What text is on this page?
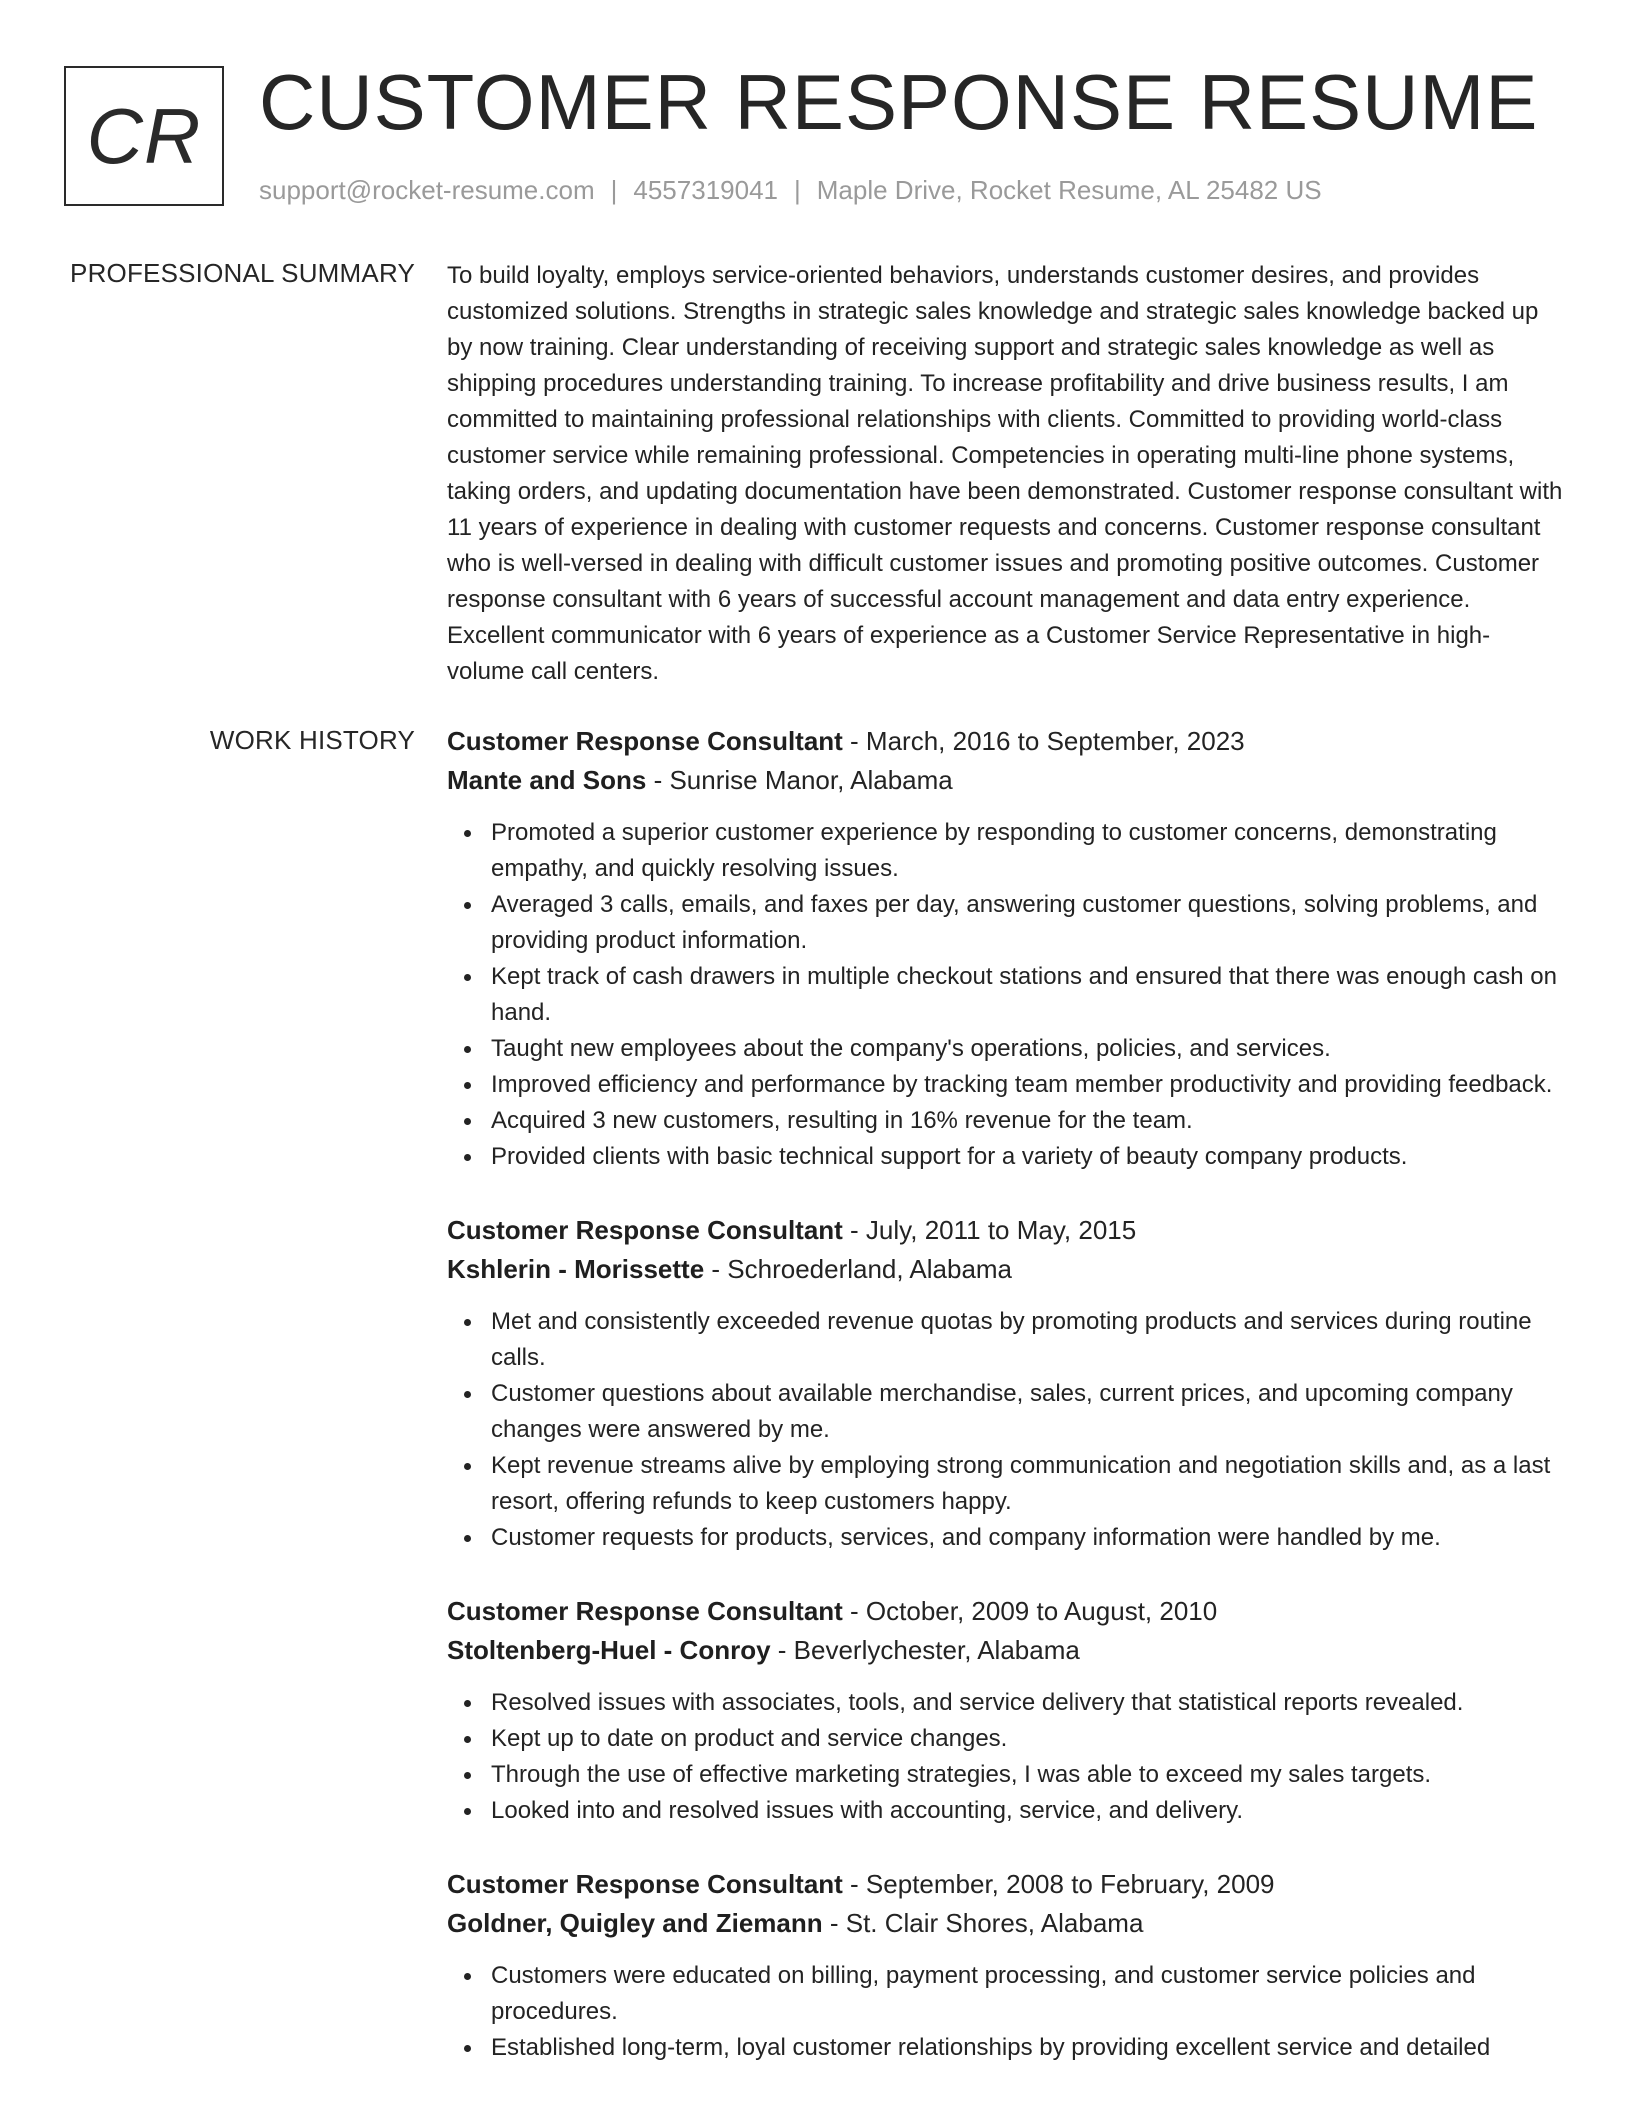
CR CUSTOMER RESPONSE RESUME
support@rocket-resume.com | 4557319041 | Maple Drive, Rocket Resume, AL 25482 US
PROFESSIONAL SUMMARY To build loyalty, employs service-oriented behaviors, understands customer desires, and provides customized solutions. Strengths in strategic sales knowledge and strategic sales knowledge backed up by now training. Clear understanding of receiving support and strategic sales knowledge as well as shipping procedures understanding training. To increase profitability and drive business results, I am committed to maintaining professional relationships with clients. Committed to providing world-class customer service while remaining professional. Competencies in operating multi-line phone systems, taking orders, and updating documentation have been demonstrated. Customer response consultant with 11 years of experience in dealing with customer requests and concerns. Customer response consultant who is well-versed in dealing with difficult customer issues and promoting positive outcomes. Customer response consultant with 6 years of successful account management and data entry experience. Excellent communicator with 6 years of experience as a Customer Service Representative in high-volume call centers.

WORK HISTORY Customer Response Consultant - March, 2016 to September, 2023
Mante and Sons - Sunrise Manor, Alabama
Promoted a superior customer experience by responding to customer concerns, demonstrating empathy, and quickly resolving issues.
Averaged 3 calls, emails, and faxes per day, answering customer questions, solving problems, and providing product information.
Kept track of cash drawers in multiple checkout stations and ensured that there was enough cash on hand.
Taught new employees about the company's operations, policies, and services.
Improved efficiency and performance by tracking team member productivity and providing feedback.
Acquired 3 new customers, resulting in 16% revenue for the team.
Provided clients with basic technical support for a variety of beauty company products.
Customer Response Consultant - July, 2011 to May, 2015
Kshlerin - Morissette - Schroederland, Alabama
Met and consistently exceeded revenue quotas by promoting products and services during routine calls.
Customer questions about available merchandise, sales, current prices, and upcoming company changes were answered by me.
Kept revenue streams alive by employing strong communication and negotiation skills and, as a last resort, offering refunds to keep customers happy.
Customer requests for products, services, and company information were handled by me.
Customer Response Consultant - October, 2009 to August, 2010
Stoltenberg-Huel - Conroy - Beverlychester, Alabama
Resolved issues with associates, tools, and service delivery that statistical reports revealed.
Kept up to date on product and service changes.
Through the use of effective marketing strategies, I was able to exceed my sales targets.
Looked into and resolved issues with accounting, service, and delivery.
Customer Response Consultant - September, 2008 to February, 2009
Goldner, Quigley and Ziemann - St. Clair Shores, Alabama
Customers were educated on billing, payment processing, and customer service policies and procedures.
Established long-term, loyal customer relationships by providing excellent service and detailed
